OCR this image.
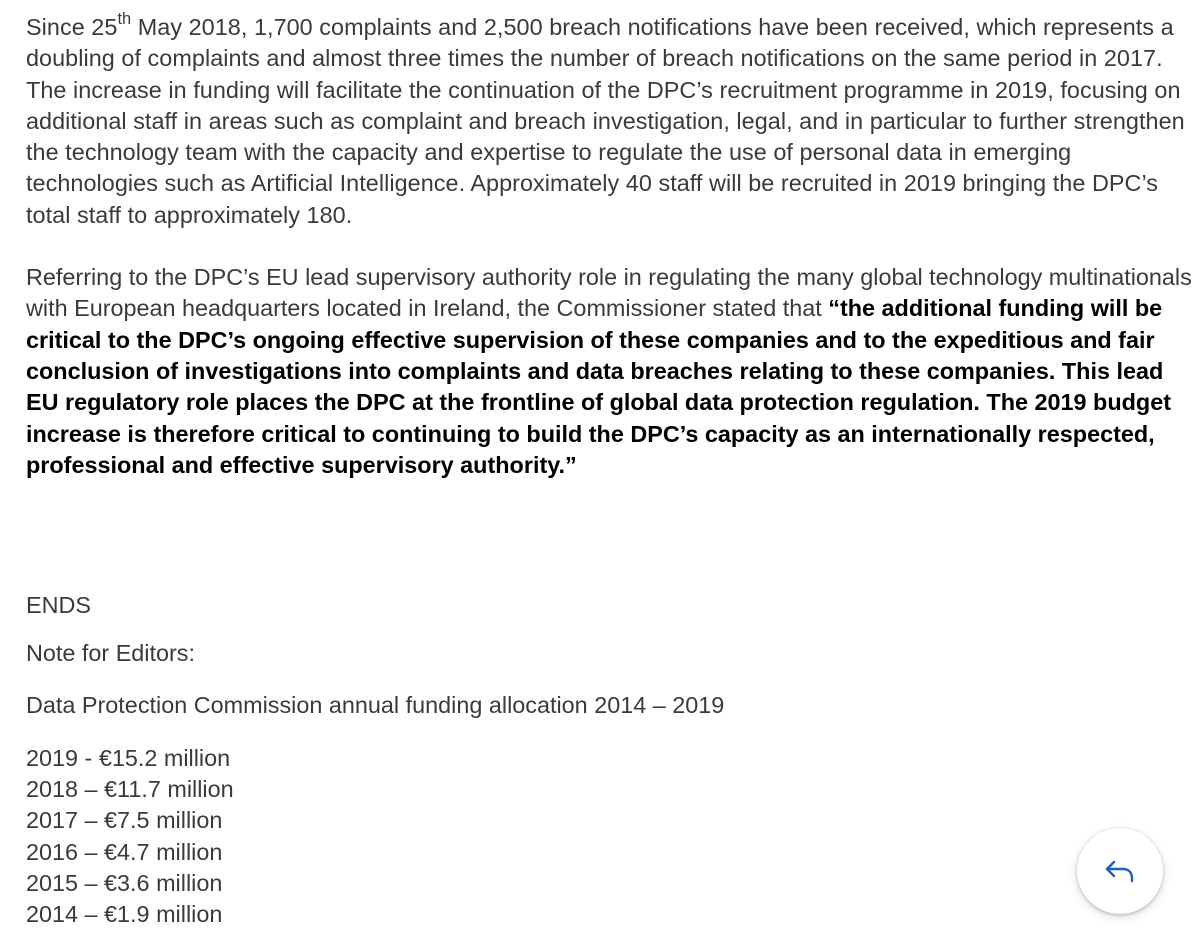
Since 25th May 2018, 1,700 complaints and 2,500 breach notifications have been received, which represents a doubling of complaints and almost three times the number of breach notifications on the same period in 2017. The increase in funding will facilitate the continuation of the DPC’s recruitment programme in 2019, focusing on additional staff in areas such as complaint and breach investigation, legal, and in particular to further strengthen the technology team with the capacity and expertise to regulate the use of personal data in emerging technologies such as Artificial Intelligence. Approximately 40 staff will be recruited in 2019 bringing the DPC’s total staff to approximately 180.

Referring to the DPC’s EU lead supervisory authority role in regulating the many global technology multinationals with European headquarters located in Ireland, the Commissioner stated that “the additional funding will be critical to the DPC’s ongoing effective supervision of these companies and to the expeditious and fair conclusion of investigations into complaints and data breaches relating to these companies. This lead EU regulatory role places the DPC at the frontline of global data protection regulation. The 2019 budget increase is therefore critical to continuing to build the DPC’s capacity as an internationally respected, professional and effective supervisory authority.”

ENDS

Note for Editors:

Data Protection Commission annual funding allocation 2014 – 2019

2019 - €15.2 million
2018 – €11.7 million
2017 – €7.5 million
2016 – €4.7 million
2015 – €3.6 million
2014 – €1.9 million
